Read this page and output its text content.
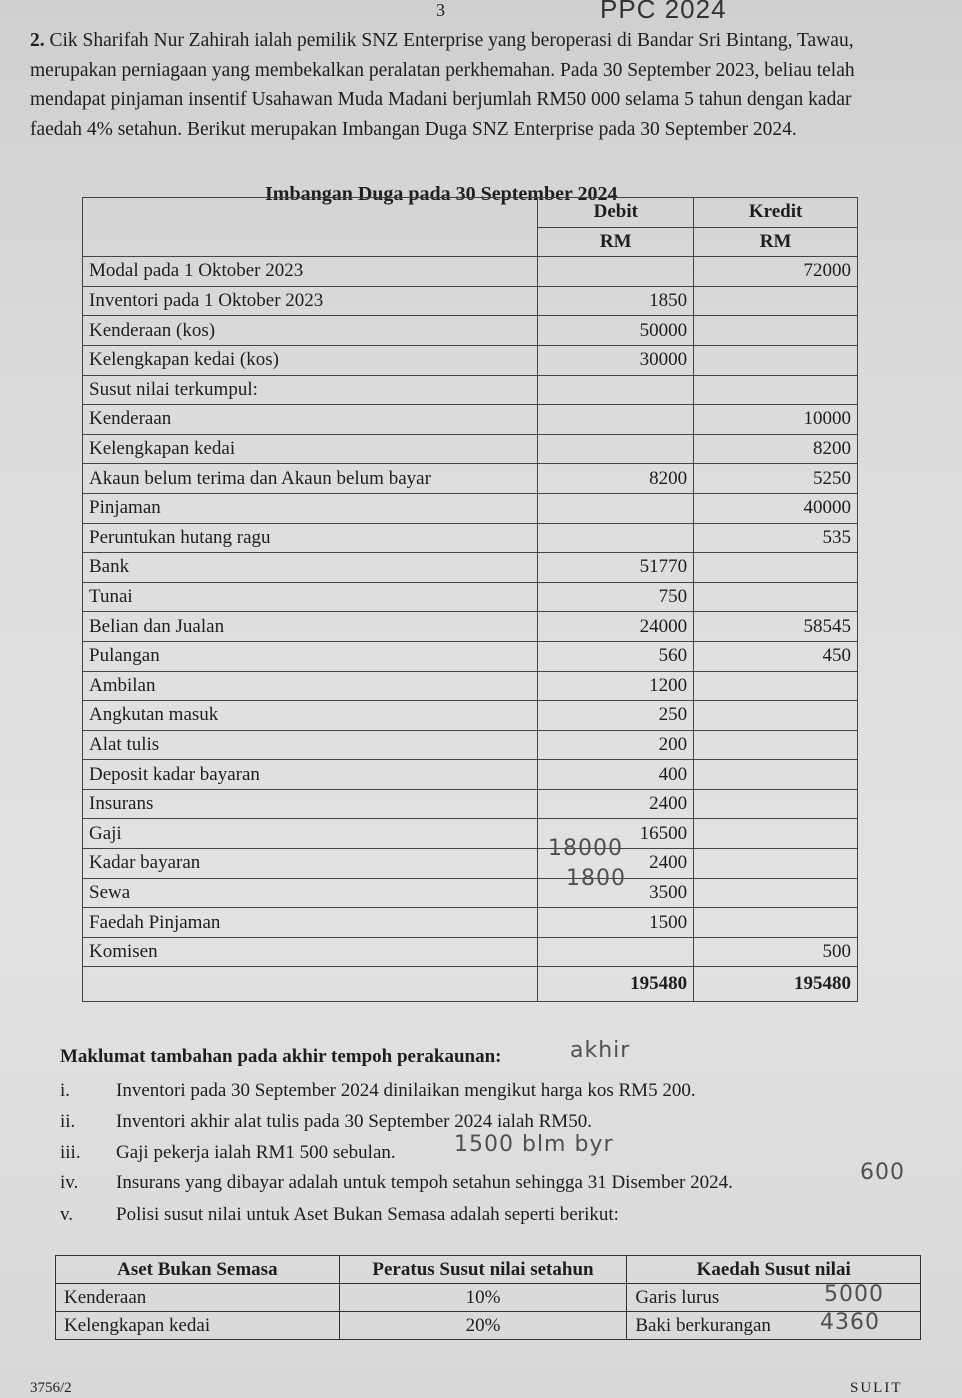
3	PPC 2024
2. Cik Sharifah Nur Zahirah ialah pemilik SNZ Enterprise yang beroperasi di Bandar Sri Bintang, Tawau, merupakan perniagaan yang membekalkan peralatan perkhemahan. Pada 30 September 2023, beliau telah mendapat pinjaman insentif Usahawan Muda Madani berjumlah RM50 000 selama 5 tahun dengan kadar faedah 4% setahun. Berikut merupakan Imbangan Duga SNZ Enterprise pada 30 September 2024.
Imbangan Duga pada 30 September 2024
	Debit	Kredit
	RM	RM
Modal pada 1 Oktober 2023		72000
Inventori pada 1 Oktober 2023	1850	
Kenderaan (kos)	50000	
Kelengkapan kedai (kos)	30000	
Susut nilai terkumpul:		
Kenderaan		10000
Kelengkapan kedai		8200
Akaun belum terima dan Akaun belum bayar	8200	5250
Pinjaman		40000
Peruntukan hutang ragu		535
Bank	51770	
Tunai	750	
Belian dan Jualan	24000	58545
Pulangan	560	450
Ambilan	1200	
Angkutan masuk	250	
Alat tulis	200	
Deposit kadar bayaran	400	
Insurans	2400	
Gaji	16500	
Kadar bayaran	2400	
Sewa	3500	
Faedah Pinjaman	1500	
Komisen		500
	195480	195480
18000
1800
akhir
1500 blm byr
600
5000
4360
Maklumat tambahan pada akhir tempoh perakaunan:
i. Inventori pada 30 September 2024 dinilaikan mengikut harga kos RM5 200.
ii. Inventori akhir alat tulis pada 30 September 2024 ialah RM50.
iii. Gaji pekerja ialah RM1 500 sebulan.
iv. Insurans yang dibayar adalah untuk tempoh setahun sehingga 31 Disember 2024.
v. Polisi susut nilai untuk Aset Bukan Semasa adalah seperti berikut:
Aset Bukan Semasa	Peratus Susut nilai setahun	Kaedah Susut nilai
Kenderaan	10%	Garis lurus
Kelengkapan kedai	20%	Baki berkurangan
3756/2	SULIT
